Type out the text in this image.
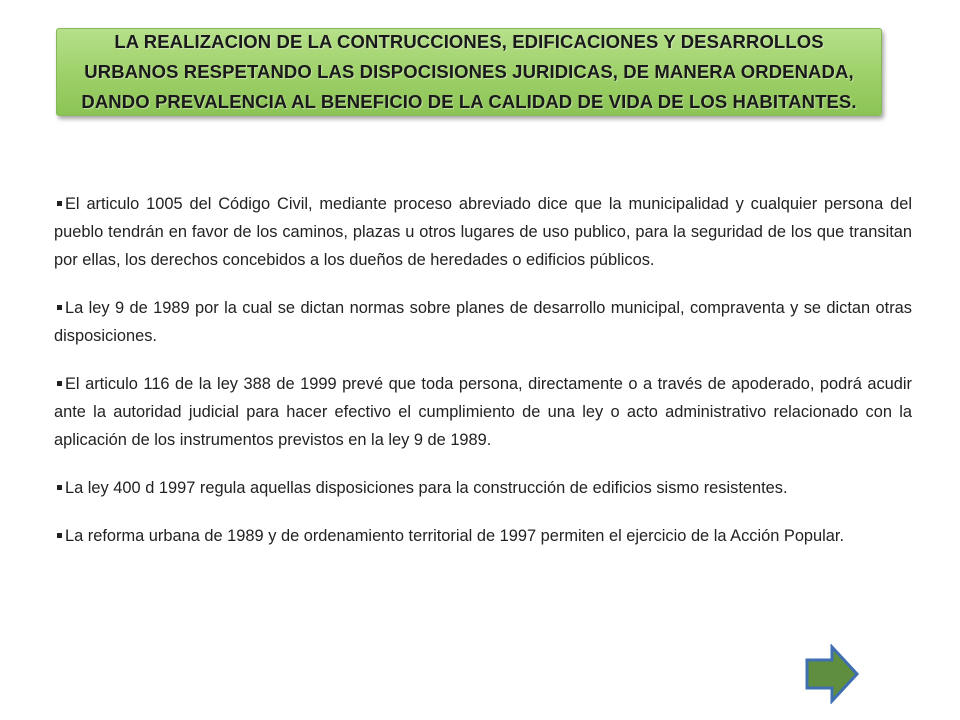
LA REALIZACION DE LA CONTRUCCIONES, EDIFICACIONES Y DESARROLLOS URBANOS RESPETANDO LAS DISPOCISIONES JURIDICAS, DE MANERA ORDENADA, DANDO PREVALENCIA AL BENEFICIO DE LA CALIDAD DE VIDA DE LOS HABITANTES.

El articulo 1005 del Código Civil, mediante proceso abreviado dice que la municipalidad y cualquier persona del pueblo tendrán en favor de los caminos, plazas u otros lugares de uso publico, para la seguridad de los que transitan por ellas, los derechos concebidos a los dueños de heredades o edificios públicos.

La ley 9 de 1989 por la cual se dictan normas sobre planes de desarrollo municipal, compraventa y se dictan otras disposiciones.

El articulo 116 de la ley 388 de 1999 prevé que toda persona, directamente o a través de apoderado, podrá acudir ante la autoridad judicial para hacer efectivo el cumplimiento de una ley o acto administrativo relacionado con la aplicación de los instrumentos previstos en la ley 9 de 1989.

La ley 400 d 1997 regula aquellas disposiciones para la construcción de edificios sismo resistentes.

La reforma urbana de 1989 y de ordenamiento territorial de 1997 permiten el ejercicio de la Acción Popular.
